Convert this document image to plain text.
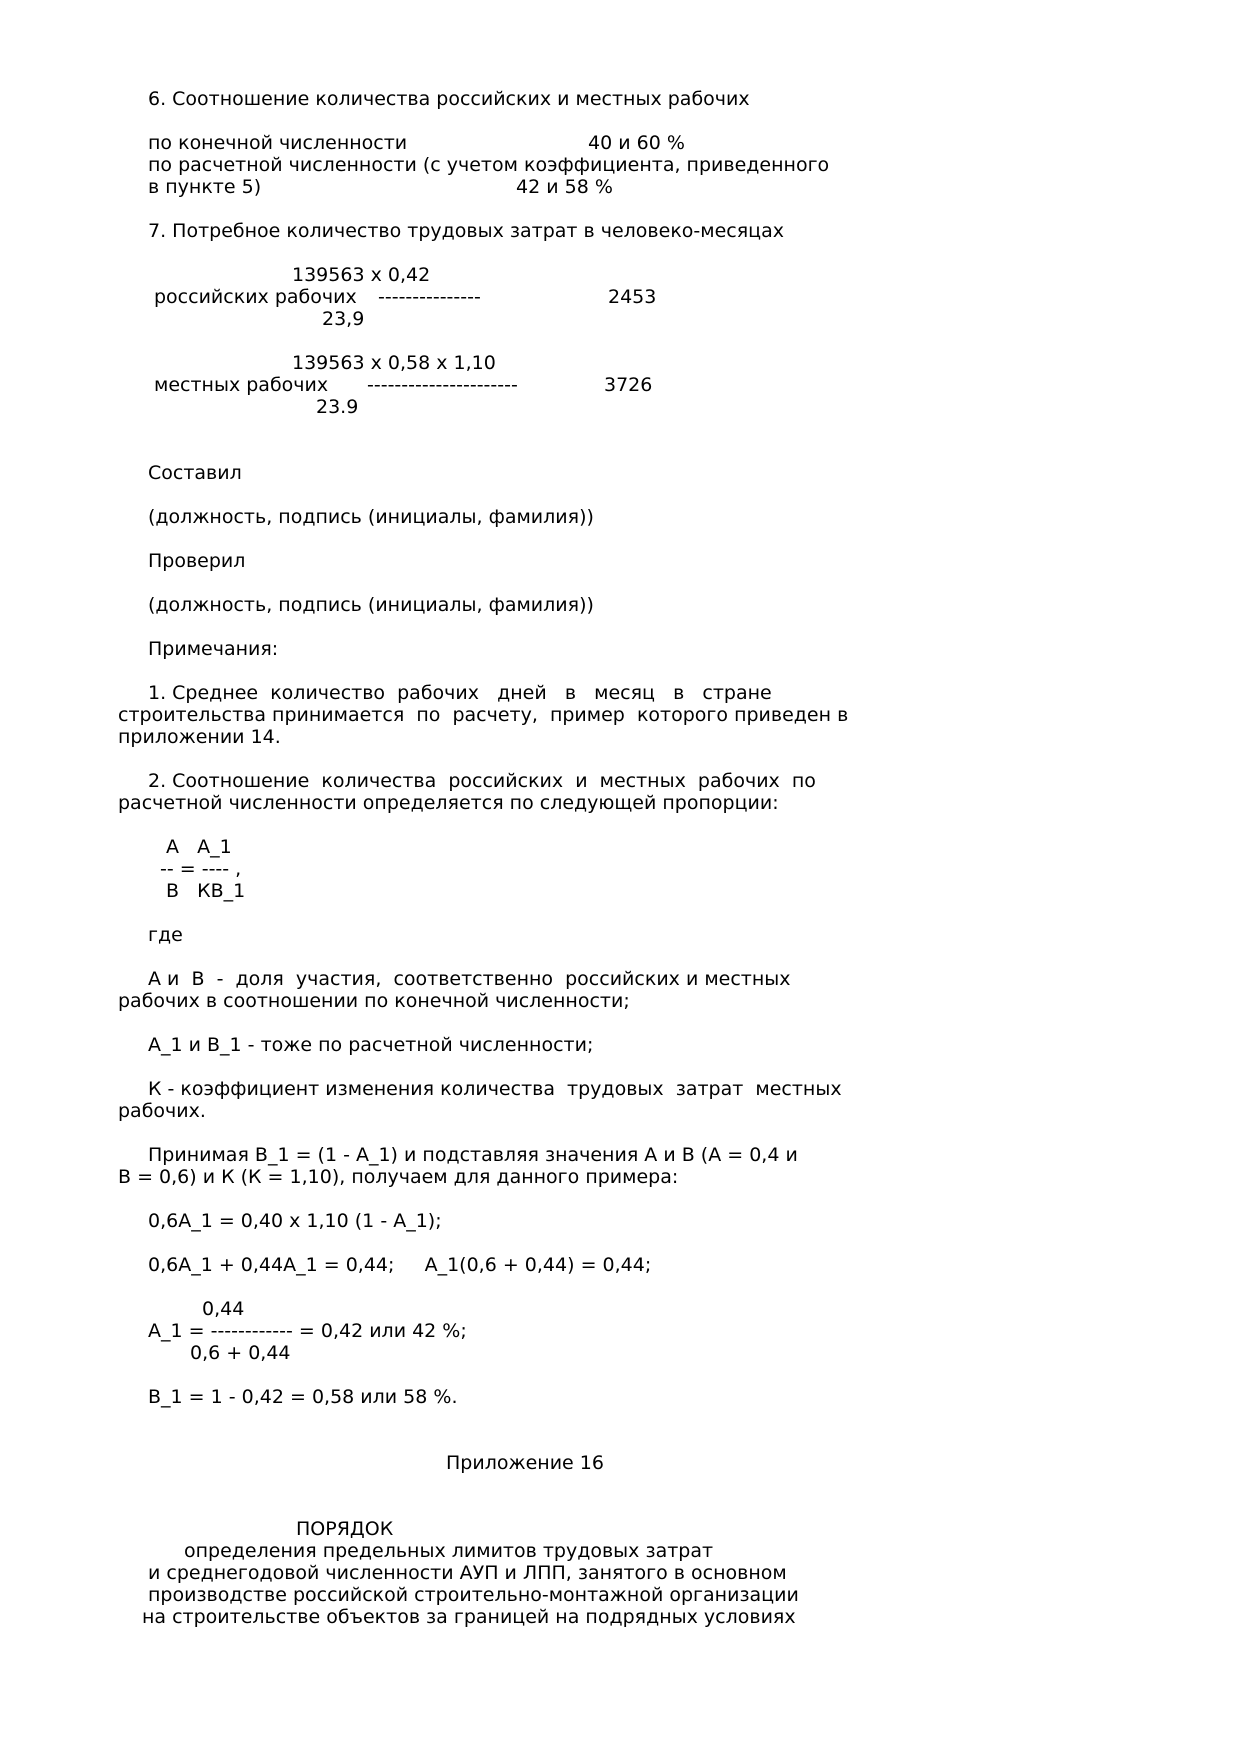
6. Соотношение количества российских и местных рабочих
по конечной численности	40 и 60 %
по расчетной численности (с учетом коэффициента, приведенного
в пункте 5)	42 и 58 %
7. Потребное количество трудовых затрат в человеко-месяцах
139563 х 0,42
российских рабочих ---------------	2453
23,9
139563 х 0,58 х 1,10
местных рабочих ----------------------	3726
23.9
Составил
(должность, подпись (инициалы, фамилия))
Проверил
(должность, подпись (инициалы, фамилия))
Примечания:
1. Среднее  количество  рабочих   дней   в   месяц   в   стране
строительства принимается  по  расчету,  пример  которого приведен в
приложении 14.
2. Соотношение  количества  российских  и  местных  рабочих  по
расчетной численности определяется по следующей пропорции:
А   А_1
-- = ---- ,
В   КВ_1
где
А и  В  -  доля  участия,  соответственно  российских и местных
рабочих в соотношении по конечной численности;
А_1 и В_1 - тоже по расчетной численности;
К - коэффициент изменения количества  трудовых  затрат  местных
рабочих.
Принимая В_1 = (1 - А_1) и подставляя значения А и В (А = 0,4 и
В = 0,6) и К (К = 1,10), получаем для данного примера:
0,6А_1 = 0,40 х 1,10 (1 - А_1);
0,6А_1 + 0,44А_1 = 0,44;     А_1(0,6 + 0,44) = 0,44;
0,44
А_1 = ------------ = 0,42 или 42 %;
0,6 + 0,44
В_1 = 1 - 0,42 = 0,58 или 58 %.
Приложение 16
ПОРЯДОК
определения предельных лимитов трудовых затрат
и среднегодовой численности АУП и ЛПП, занятого в основном
производстве российской строительно-монтажной организации
на строительстве объектов за границей на подрядных условиях
